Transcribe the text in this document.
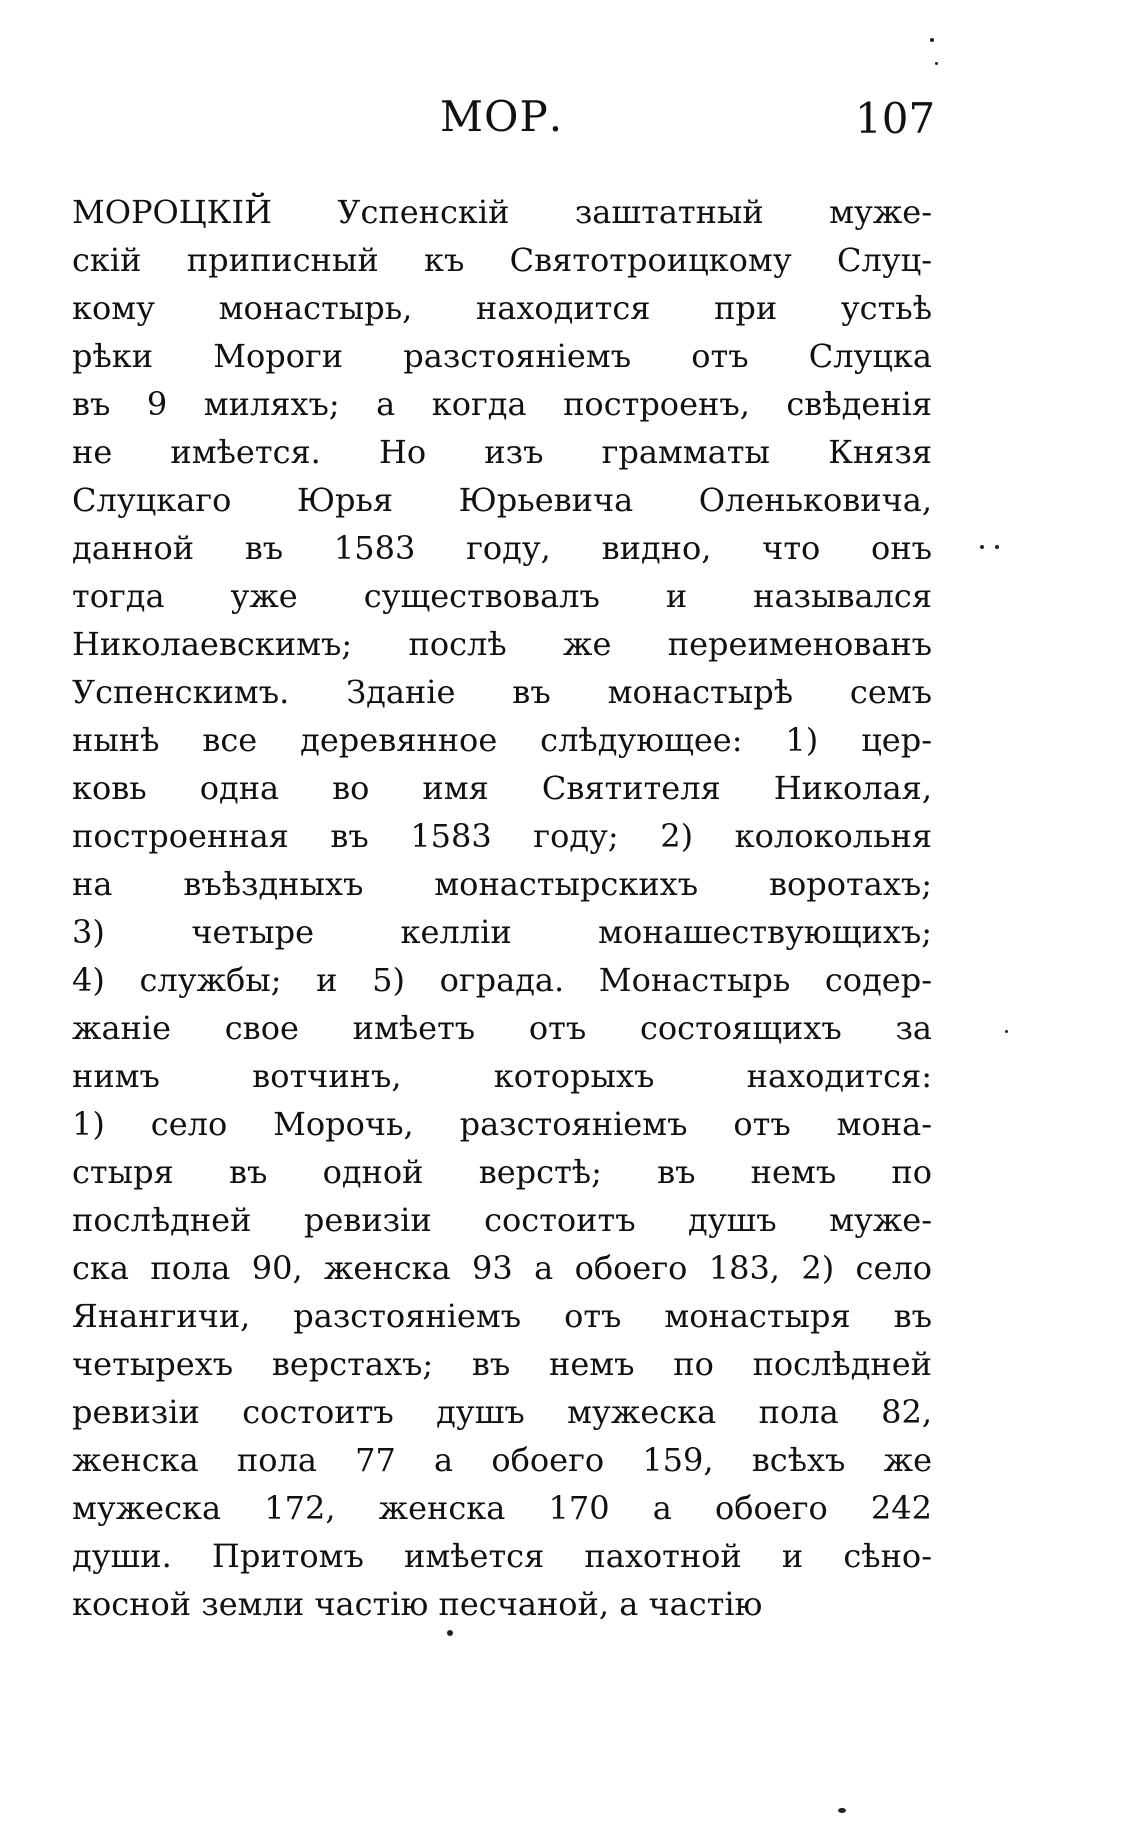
МОР.	107
МОРОЦКIЙ Успенскiй заштатный муже-
скiй приписный къ Святотроицкому Слуц-
кому монастырь, находится при устьѣ
рѣки Мороги разстоянiемъ отъ Слуцка
въ 9 миляхъ; а когда построенъ, свѣденiя
не имѣется. Но изъ грамматы Князя
Слуцкаго Юрья Юрьевича Оленьковича,
данной въ 1583 году, видно, что онъ
тогда уже существовалъ и назывался
Николаевскимъ; послѣ же переименованъ
Успенскимъ. Зданiе въ монастырѣ семъ
нынѣ все деревянное слѣдующее: 1) цер-
ковь одна во имя Святителя Николая,
построенная въ 1583 году; 2) колокольня
на въѣздныхъ монастырскихъ воротахъ;
3) четыре келлiи монашествующихъ;
4) службы; и 5) ограда. Монастырь содер-
жанiе свое имѣетъ отъ состоящихъ за
нимъ вотчинъ, которыхъ находится:
1) село Морочь, разстоянiемъ отъ мона-
стыря въ одной верстѣ; въ немъ по
послѣдней ревизiи состоитъ душъ муже-
ска пола 90, женска 93 а обоего 183, 2) село
Янангичи, разстоянiемъ отъ монастыря въ
четырехъ верстахъ; въ немъ по послѣдней
ревизiи состоитъ душъ мужеска пола 82,
женска пола 77 а обоего 159, всѣхъ же
мужеска 172, женска 170 а обоего 242
души. Притомъ имѣется пахотной и сѣно-
косной земли частiю песчаной, а частiю
